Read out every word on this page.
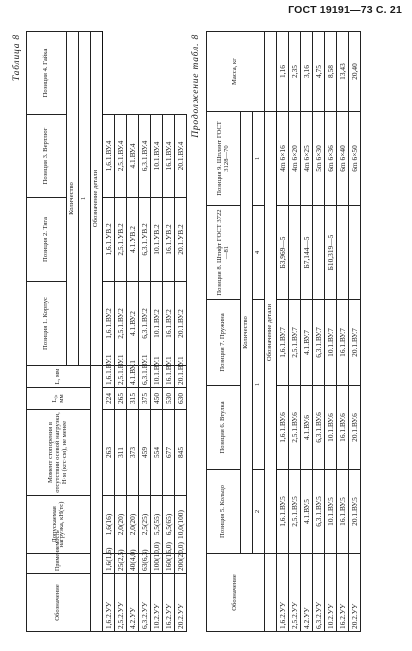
ГОСТ 19191—73 С. 21
Таблица 8
Обозначение	Применяемость	Допускаемая нагрузка, кН(тс)	Момент стопорения в отсутствии осевой нагрузки, Н·м (кгс·см), не менее	L₀, мм	L, мм	Позиция 1. Корпус	Позиция 2. Тяга	Позиция 3. Вертлюг	Позиция 4. Гайка
						Количество			
						1			
						Обозначение детали			
1,6.2.УУ	1,6(1,6)	1,6(16)	263	224	1,6.1.ВУ.1	1,6.1.ВУ.2	1,6.1.УВ.2	1,6.1.ВУ.4	
2,5.2.УУ	25(2,5)	2,0(20)	311	265	2,5.1.ВУ.1	2,5.1.ВУ.2	2,5.1.УВ.2	2,5.1.ВУ.4	
4.2.УУ	40(4,0)	2,0(20)	373	315	4.1.ВУ.1	4.1.ВУ.2	4.1.УВ.2	4.1.ВУ.4	
6,3.2.УУ	63(6,3)	2,5(25)	459	375	6,3.1.ВУ.1	6,3.1.ВУ.2	6,3.1.УВ.2	6,3.1.ВУ.4	
10.2.УУ	100(10,0)	5,5(55)	554	450	10.1.ВУ.1	10.1.ВУ.2	10.1.УВ.2	10.1.ВУ.4	
16.2.УУ	160(16,0)	6,5(65)	677	530	16.1.ВУ.1	16.1.ВУ.2	16.1.УВ.2	16.1.ВУ.4	
20.2.УУ	200(20,0)	10,0(100)	845	630	20.1.ВУ.1	20.1.ВУ.2	20.1.УВ.2	20.1.ВУ.4	
Продолжение табл. 8
Обозначение	Позиция 5. Кольцо	Позиция 6. Втулка	Позиция 7. Пружина	Позиция 8. Штифт ГОСТ 3722—81	Позиция 9. Шплинт ГОСТ 3128—70	Масса, кг
	Количество					
	2	1		4	1	
	Обозначение детали					
1,6.2.УУ	1,6.1.ВУ.5	1,6.1.ВУ.6	1,6.1.ВУ.7	Б3,969—5	4m 6×16	1,16
2,5.2.УУ	2,5.1.ВУ.5	2,5.1.ВУ.6	2,5.1.ВУ.7		4m 6×20	2,35
4.2.УУ	4.1.ВУ.5	4.1.ВУ.6	4.1.ВУ.7	Б7,144—5	4m 6×25	3,16
6,3.2.УУ	6,3.1.ВУ.5	6,3.1.ВУ.6	6,3.1.ВУ.7		5m 6×30	4,75
10.2.УУ	10.1.ВУ.5	10.1.ВУ.6	10.1.ВУ.7	Б10,319—5	6m 6×36	8,58
16.2.УУ	16.1.ВУ.5	16.1.ВУ.6	16.1.ВУ.7		6m 6×40	13,43
20.2.УУ	20.1.ВУ.5	20.1.ВУ.6	20.1.ВУ.7		6m 6×50	20,40
